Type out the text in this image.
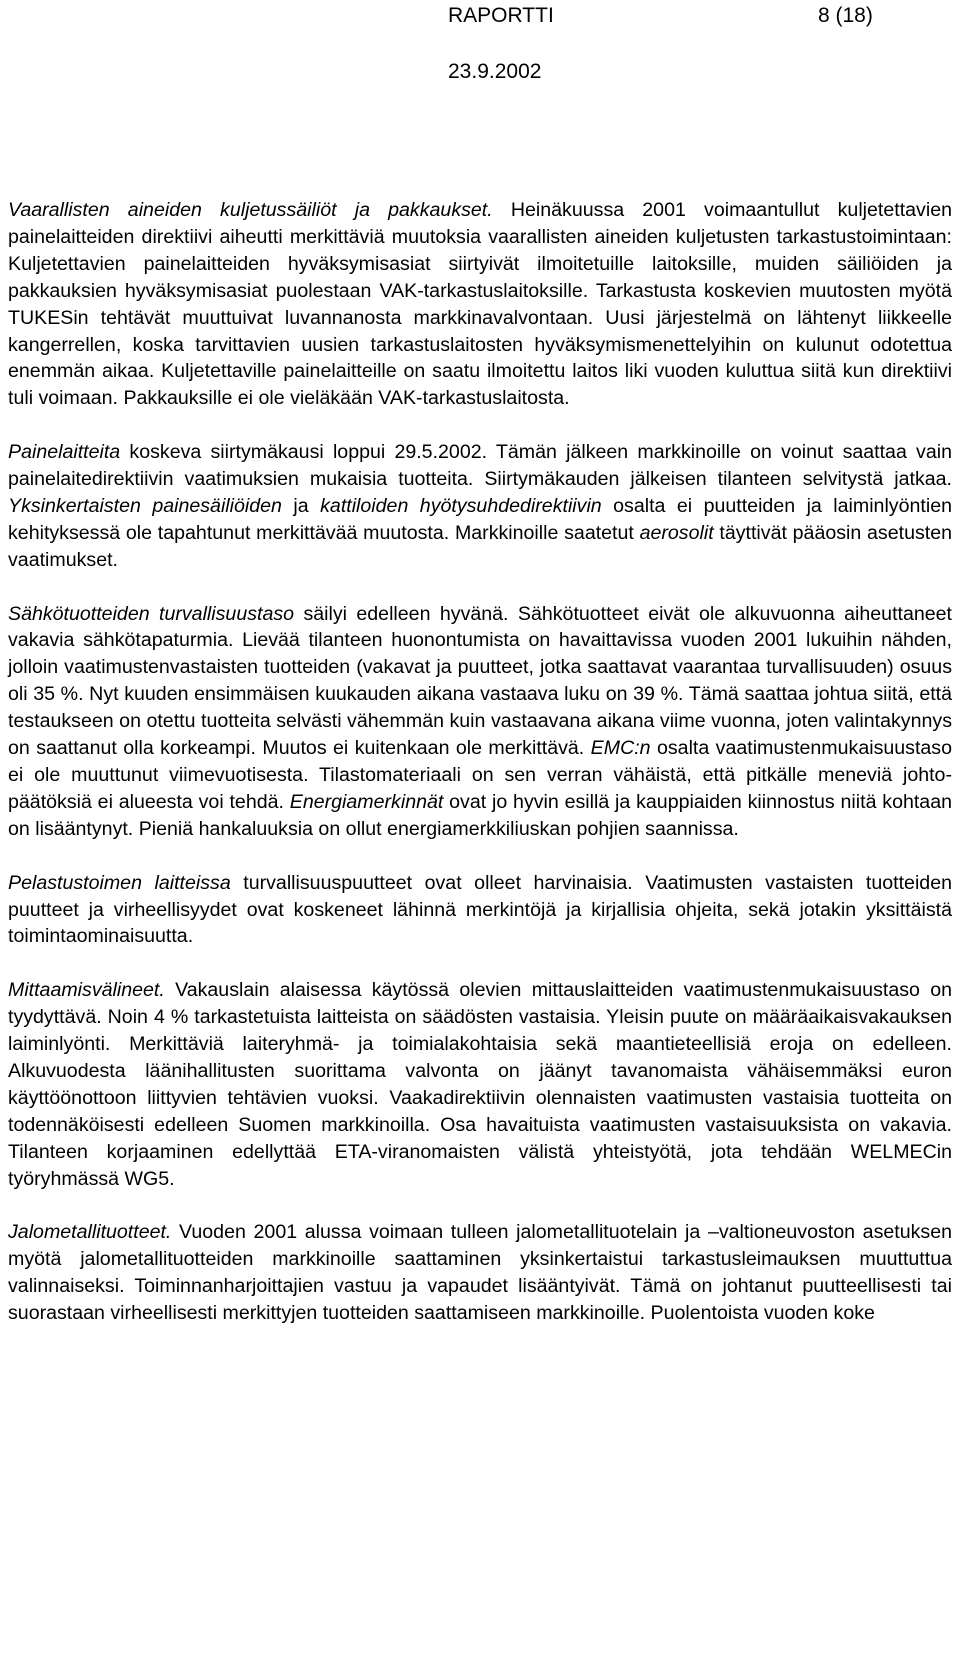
RAPORTTI	8 (18)
23.9.2002

Vaarallisten aineiden kuljetussäiliöt ja pakkaukset. Heinäkuussa 2001 voimaantullut kuljetettavien painelaitteiden direktiivi aiheutti merkittäviä muutoksia vaarallisten aineiden kuljetusten tarkastustoimintaan: Kuljetettavien painelaitteiden hyväksymisasiat siirtyivät ilmoitetuille laitoksille, muiden säiliöiden ja pakkauksien hyväksymisasiat puolestaan VAK-tarkastuslaitoksille. Tarkastusta koskevien muutosten myötä TUKESin tehtävät muuttuivat luvannanosta markkinavalvontaan. Uusi järjestelmä on lähtenyt liikkeelle kangerrellen, koska tarvittavien uusien tarkastuslaitosten hyväksymismenettelyihin on kulunut odotettua enemmän aikaa. Kuljetettaville painelaitteille on saatu ilmoitettu laitos liki vuoden kuluttua siitä kun direktiivi tuli voimaan. Pakkauksille ei ole vieläkään VAK-tarkastuslaitosta.

Painelaitteita koskeva siirtymäkausi loppui 29.5.2002. Tämän jälkeen markkinoille on voinut saattaa vain painelaitedirektiivin vaatimuksien mukaisia tuotteita. Siirtymäkauden jälkeisen tilanteen selvitystä jatkaa. Yksinkertaisten painesäiliöiden ja kattiloiden hyötysuhdedirektiivin osalta ei puutteiden ja laiminlyöntien kehityksessä ole tapahtunut merkittävää muutosta. Markkinoille saatetut aerosolit täyttivät pääosin asetusten vaatimukset.

Sähkötuotteiden turvallisuustaso säilyi edelleen hyvänä. Sähkötuotteet eivät ole alkuvuonna aiheuttaneet vakavia sähkötapaturmia. Lievää tilanteen huonontumista on havaittavissa vuoden 2001 lukuihin nähden, jolloin vaatimustenvastaisten tuotteiden (vakavat ja puutteet, jotka saattavat vaarantaa turvallisuuden) osuus oli 35 %. Nyt kuuden ensimmäisen kuukauden aikana vastaava luku on 39 %. Tämä saattaa johtua siitä, että testaukseen on otettu tuotteita selvästi vähemmän kuin vastaavana aikana viime vuonna, joten valintakynnys on saattanut olla korkeampi. Muutos ei kuitenkaan ole merkittävä. EMC:n osalta vaatimustenmukaisuustaso ei ole muuttunut viimevuotisesta. Tilastomateriaali on sen verran vähäistä, että pitkälle meneviä johtopäätöksiä ei alueesta voi tehdä. Energiamerkinnät ovat jo hyvin esillä ja kauppiaiden kiinnostus niitä kohtaan on lisääntynyt. Pieniä hankaluuksia on ollut energiamerkkiliuskan pohjien saannissa.

Pelastustoimen laitteissa turvallisuuspuutteet ovat olleet harvinaisia. Vaatimusten vastaisten tuotteiden puutteet ja virheellisyydet ovat koskeneet lähinnä merkintöjä ja kirjallisia ohjeita, sekä jotakin yksittäistä toimintaominaisuutta.

Mittaamisvälineet. Vakauslain alaisessa käytössä olevien mittauslaitteiden vaatimustenmukaisuustaso on tyydyttävä. Noin 4 % tarkastetuista laitteista on säädösten vastaisia. Yleisin puute on määräaikaisvakauksen laiminlyönti. Merkittäviä laiteryhmä- ja toimialakohtaisia sekä maantieteellisiä eroja on edelleen. Alkuvuodesta läänihallitusten suorittama valvonta on jäänyt tavanomaista vähäisemmäksi euron käyttöönottoon liittyvien tehtävien vuoksi. Vaakadirektiivin olennaisten vaatimusten vastaisia tuotteita on todennäköisesti edelleen Suomen markkinoilla. Osa havaituista vaatimusten vastaisuuksista on vakavia. Tilanteen korjaaminen edellyttää ETA-viranomaisten välistä yhteistyötä, jota tehdään WELMECin työryhmässä WG5.

Jalometallituotteet. Vuoden 2001 alussa voimaan tulleen jalometallituotelain ja –valtioneuvoston asetuksen myötä jalometallituotteiden markkinoille saattaminen yksinkertaistui tarkastusleimauksen muuttuttua valinnaiseksi. Toiminnanharjoittajien vastuu ja vapaudet lisääntyivät. Tämä on johtanut puutteellisesti tai suorastaan virheellisesti merkittyjen tuotteiden saattamiseen markkinoille. Puolentoista vuoden koke
